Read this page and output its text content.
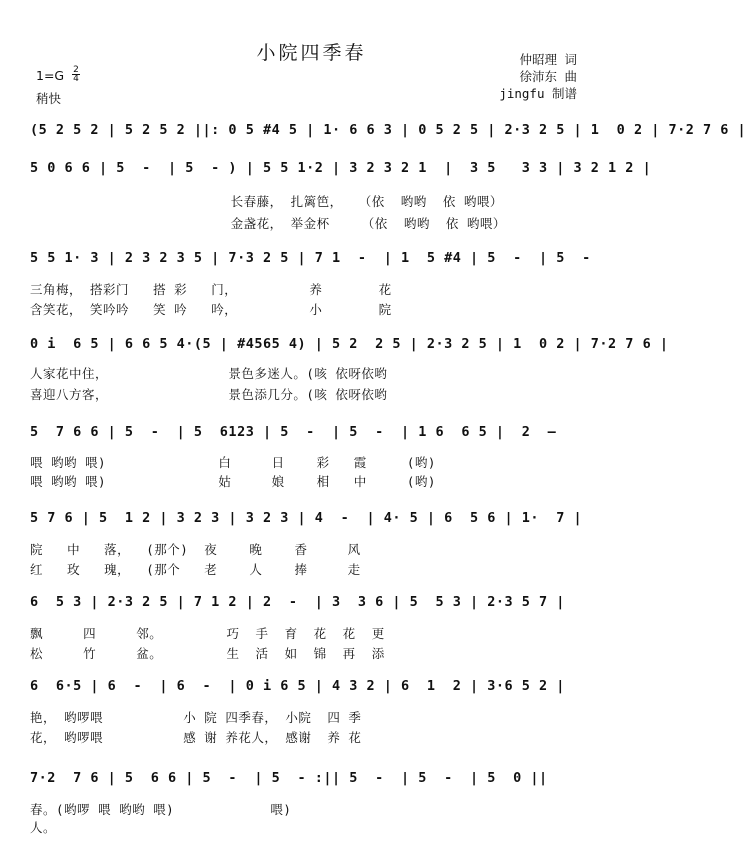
小院四季春	仲昭理 词
徐沛东 曲
jingfu 制谱
1=G 2
4
稍快
(5 2 5 2 | 5 2 5 2 ||: 0 5 #4 5 | 1· 6 6 3 | 0 5 2 5 | 2·3 2 5 | 1  0 2 | 7·2 7 6 |
5 0 6 6 | 5  -  | 5  - ) | 5 5 1·2 | 3 2 3 2 1  |  3 5   3 3 | 3 2 1 2 |
长春藤， 扎篱笆，  （依  哟哟  依 哟喂）
金盏花， 举金杯    （依  哟哟  依 哟喂）
5 5 1· 3 | 2 3 2 3 5 | 7·3 2 5 | 7 1  -  | 1  5 #4 | 5  -  | 5  -
三角梅， 搭彩门   搭 彩   门，         养       花
含笑花， 笑吟吟   笑 吟   吟，         小       院
0 i  6 5 | 6 6 5 4·(5 | #4565 4) | 5 2  2 5 | 2·3 2 5 | 1  0 2 | 7·2 7 6 |
人家花中住，               景色多迷人。(咳 依呀依哟
喜迎八方客，               景色添几分。(咳 依呀依哟
5  7 6 6 | 5  -  | 5  6123 | 5  -  | 5  -  | 1 6  6 5 |  2  –
喂 哟哟 喂)              白     日    彩   霞     (哟)
喂 哟哟 喂)              姑     娘    相   中     (哟)
5 7 6 | 5  1 2 | 3 2 3 | 3 2 3 | 4  -  | 4· 5 | 6  5 6 | 1·  7 |
院   中   落，  (那个)  夜    晚    香     风
红   玫   瑰，  (那个   老    人    捧     走
6  5 3 | 2·3 2 5 | 7 1 2 | 2  -  | 3  3 6 | 5  5 3 | 2·3 5 7 |
飘     四     邻。        巧  手  育  花  花  更
松     竹     盆。        生  活  如  锦  再  添
6  6·5 | 6  -  | 6  -  | 0 i 6 5 | 4 3 2 | 6  1  2 | 3·6 5 2 |
艳， 哟啰喂          小 院 四季春， 小院  四 季
花， 哟啰喂          感 谢 养花人， 感谢  养 花
7·2  7 6 | 5  6 6 | 5  -  | 5  - :|| 5  -  | 5  -  | 5  0 ||
春。(哟啰 喂 哟哟 喂)            喂)
人。
